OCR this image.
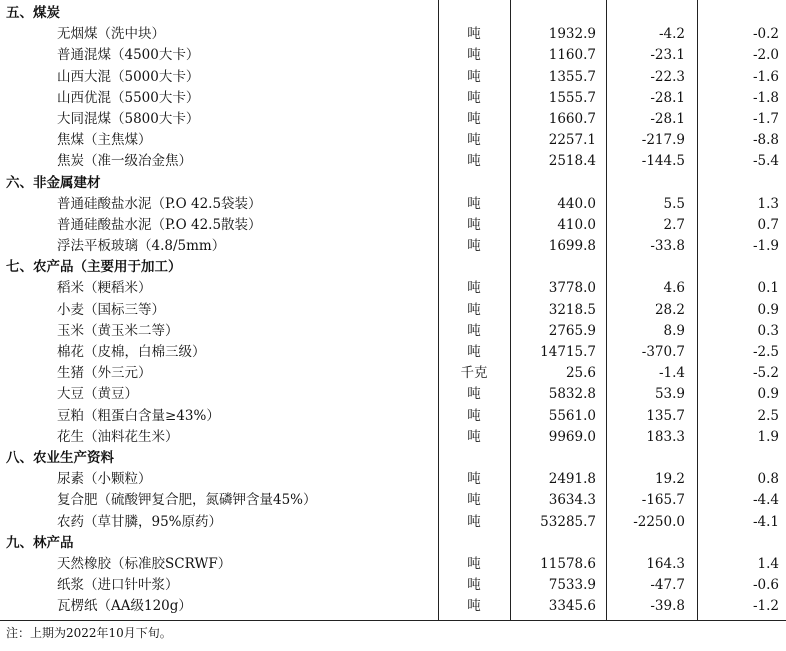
五、煤炭
无烟煤（洗中块）	吨	1932.9	-4.2	-0.2
普通混煤（4500大卡）	吨	1160.7	-23.1	-2.0
山西大混（5000大卡）	吨	1355.7	-22.3	-1.6
山西优混（5500大卡）	吨	1555.7	-28.1	-1.8
大同混煤（5800大卡）	吨	1660.7	-28.1	-1.7
焦煤（主焦煤）	吨	2257.1	-217.9	-8.8
焦炭（准一级冶金焦）	吨	2518.4	-144.5	-5.4
六、非金属建材
普通硅酸盐水泥（P.O 42.5袋装）	吨	440.0	5.5	1.3
普通硅酸盐水泥（P.O 42.5散装）	吨	410.0	2.7	0.7
浮法平板玻璃（4.8/5mm）	吨	1699.8	-33.8	-1.9
七、农产品（主要用于加工）
稻米（粳稻米）	吨	3778.0	4.6	0.1
小麦（国标三等）	吨	3218.5	28.2	0.9
玉米（黄玉米二等）	吨	2765.9	8.9	0.3
棉花（皮棉，白棉三级）	吨	14715.7	-370.7	-2.5
生猪（外三元）	千克	25.6	-1.4	-5.2
大豆（黄豆）	吨	5832.8	53.9	0.9
豆粕（粗蛋白含量≥43%）	吨	5561.0	135.7	2.5
花生（油料花生米）	吨	9969.0	183.3	1.9
八、农业生产资料
尿素（小颗粒）	吨	2491.8	19.2	0.8
复合肥（硫酸钾复合肥，氮磷钾含量45%）	吨	3634.3	-165.7	-4.4
农药（草甘膦，95%原药）	吨	53285.7	-2250.0	-4.1
九、林产品
天然橡胶（标准胶SCRWF）	吨	11578.6	164.3	1.4
纸浆（进口针叶浆）	吨	7533.9	-47.7	-0.6
瓦楞纸（AA级120g）	吨	3345.6	-39.8	-1.2
注：上期为2022年10月下旬。
